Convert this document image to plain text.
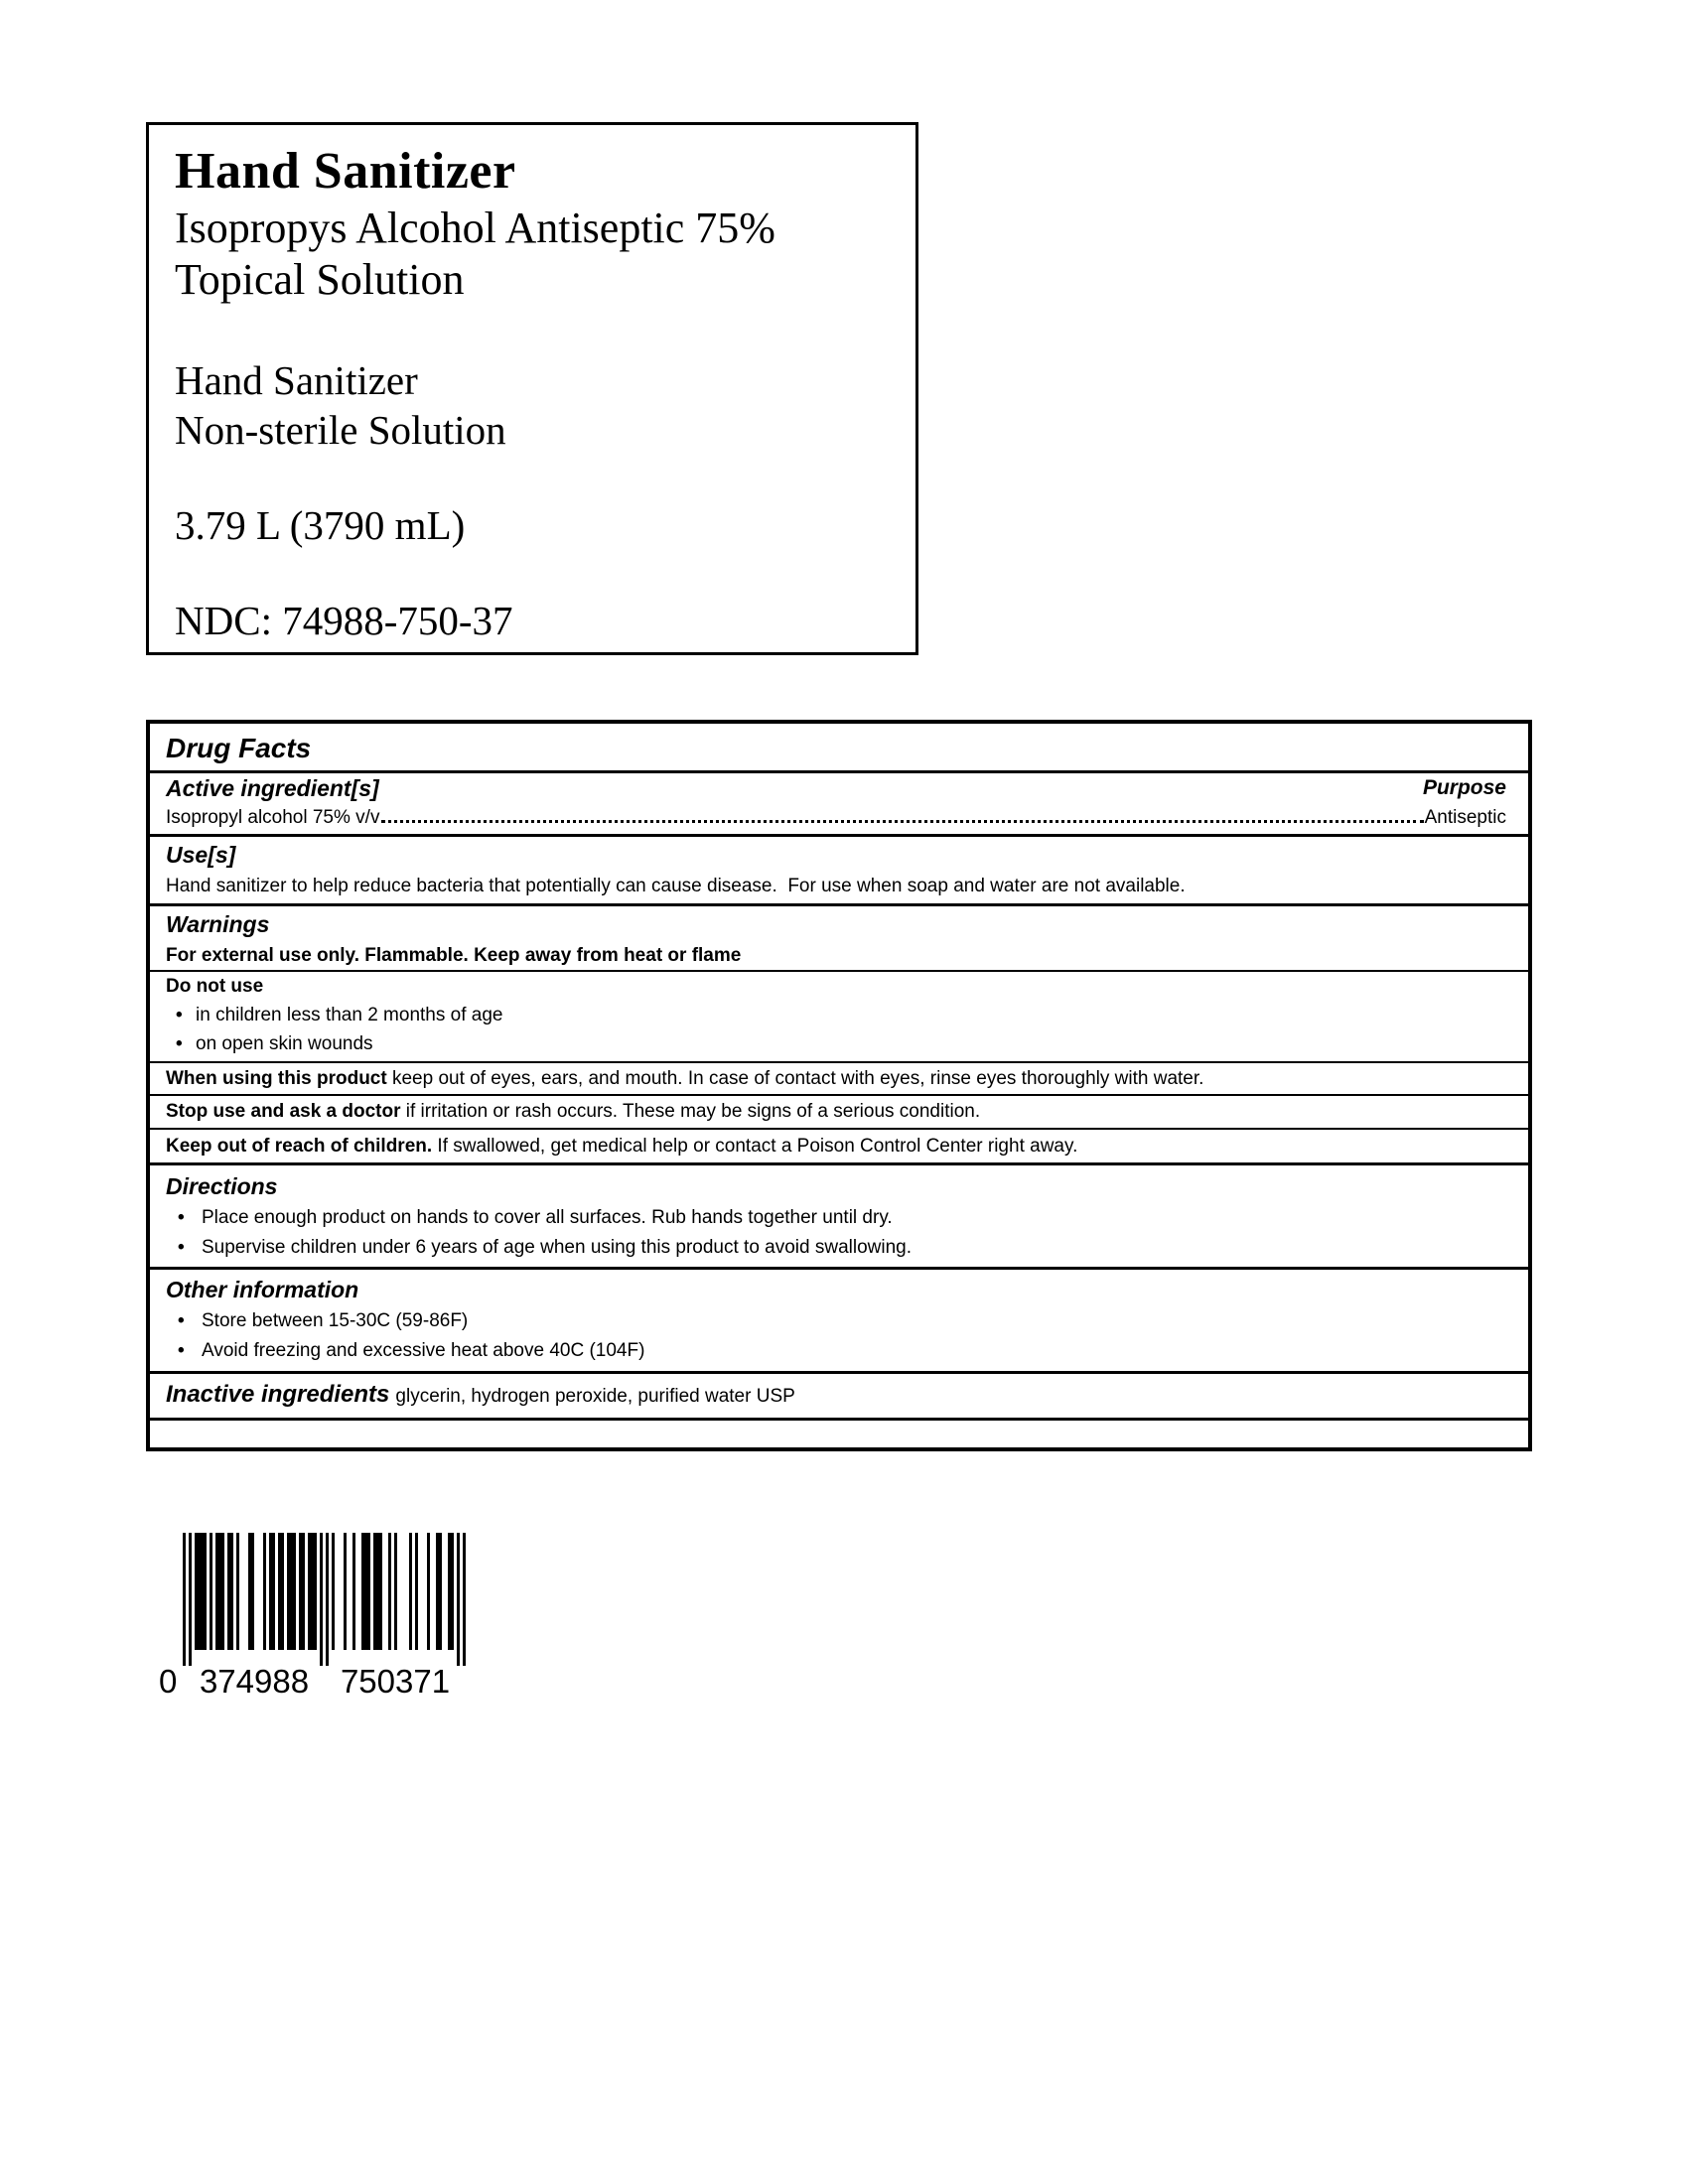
Hand Sanitizer
Isopropys Alcohol Antiseptic 75%
Topical Solution
Hand Sanitizer
Non-sterile Solution
3.79 L (3790 mL)
NDC: 74988-750-37
Drug Facts
Active ingredient[s]	Purpose
Isopropyl alcohol 75% v/v	Antiseptic
Use[s]
Hand sanitizer to help reduce bacteria that potentially can cause disease.  For use when soap and water are not available.
Warnings
For external use only. Flammable. Keep away from heat or flame
Do not use
• in children less than 2 months of age
• on open skin wounds
When using this product keep out of eyes, ears, and mouth. In case of contact with eyes, rinse eyes thoroughly with water.
Stop use and ask a doctor if irritation or rash occurs. These may be signs of a serious condition.
Keep out of reach of children. If swallowed, get medical help or contact a Poison Control Center right away.
Directions
• Place enough product on hands to cover all surfaces. Rub hands together until dry.
• Supervise children under 6 years of age when using this product to avoid swallowing.
Other information
• Store between 15-30C (59-86F)
• Avoid freezing and excessive heat above 40C (104F)
Inactive ingredients glycerin, hydrogen peroxide, purified water USP
0 374988 750371
